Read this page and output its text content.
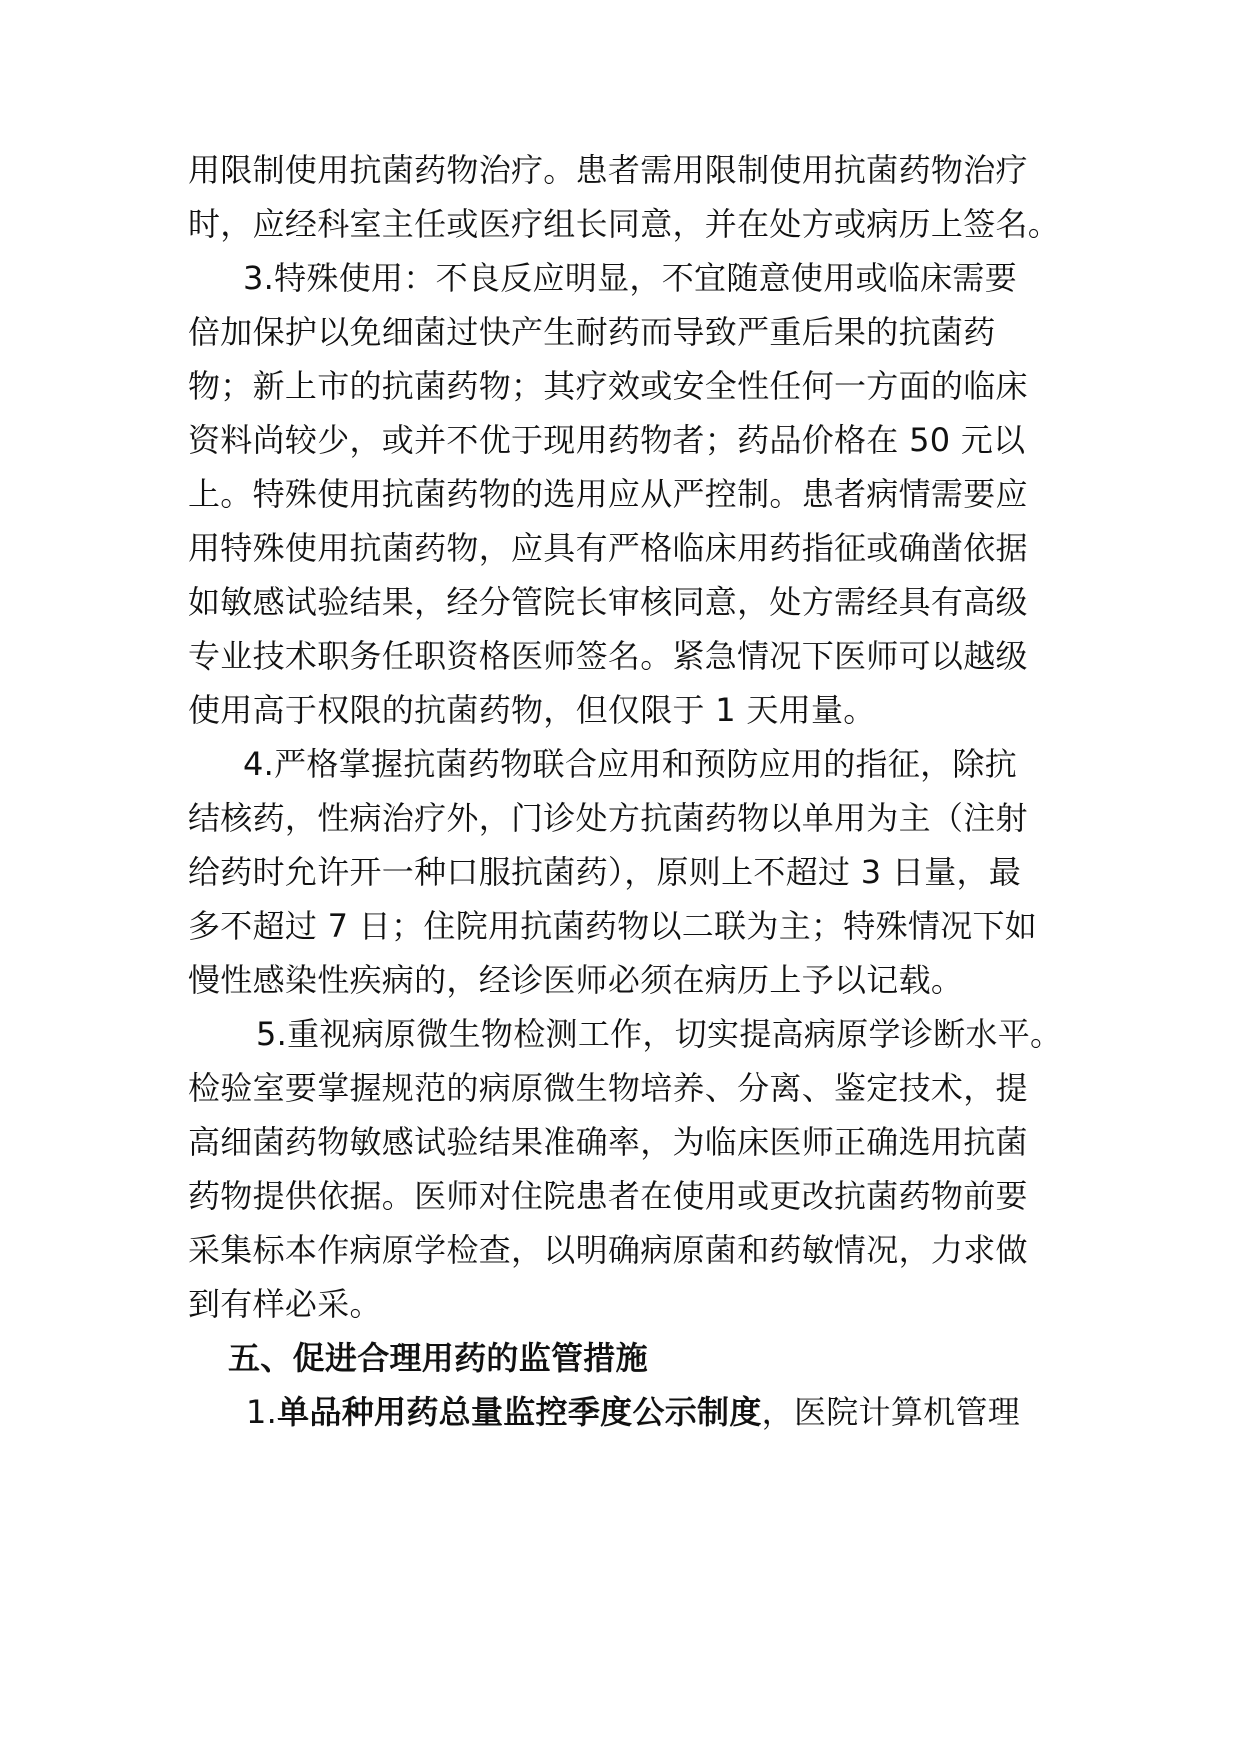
用限制使用抗菌药物治疗。患者需用限制使用抗菌药物治疗
时，应经科室主任或医疗组长同意，并在处方或病历上签名。
3.特殊使用：不良反应明显，不宜随意使用或临床需要
倍加保护以免细菌过快产生耐药而导致严重后果的抗菌药
物；新上市的抗菌药物；其疗效或安全性任何一方面的临床
资料尚较少，或并不优于现用药物者；药品价格在 50 元以
上。特殊使用抗菌药物的选用应从严控制。患者病情需要应
用特殊使用抗菌药物，应具有严格临床用药指征或确凿依据
如敏感试验结果，经分管院长审核同意，处方需经具有高级
专业技术职务任职资格医师签名。紧急情况下医师可以越级
使用高于权限的抗菌药物，但仅限于 1 天用量。
4.严格掌握抗菌药物联合应用和预防应用的指征，除抗
结核药，性病治疗外，门诊处方抗菌药物以单用为主（注射
给药时允许开一种口服抗菌药），原则上不超过 3 日量，最
多不超过 7 日；住院用抗菌药物以二联为主；特殊情况下如
慢性感染性疾病的，经诊医师必须在病历上予以记载。
5.重视病原微生物检测工作，切实提高病原学诊断水平。
检验室要掌握规范的病原微生物培养、分离、鉴定技术，提
高细菌药物敏感试验结果准确率，为临床医师正确选用抗菌
药物提供依据。医师对住院患者在使用或更改抗菌药物前要
采集标本作病原学检查，以明确病原菌和药敏情况，力求做
到有样必采。
五、促进合理用药的监管措施
1.单品种用药总量监控季度公示制度，医院计算机管理
